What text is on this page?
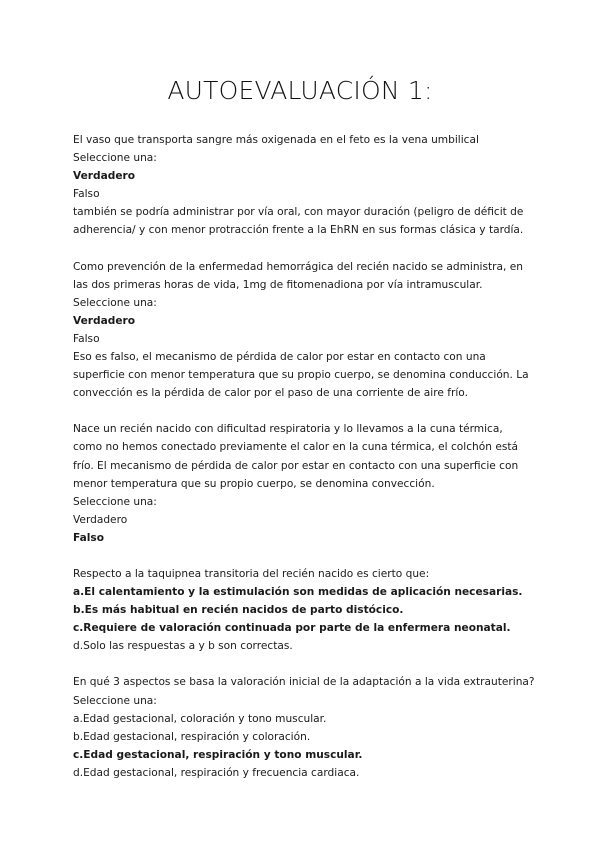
AUTOEVALUACIÓN 1:
El vaso que transporta sangre más oxigenada en el feto es la vena umbilical
Seleccione una:
Verdadero
Falso
también se podría administrar por vía oral, con mayor duración (peligro de déficit de adherencia/ y con menor protracción frente a la EhRN en sus formas clásica y tardía.
Como prevención de la enfermedad hemorrágica del recién nacido se administra, en las dos primeras horas de vida, 1mg de fitomenadiona por vía intramuscular.
Seleccione una:
Verdadero
Falso
Eso es falso, el mecanismo de pérdida de calor por estar en contacto con una superficie con menor temperatura que su propio cuerpo, se denomina conducción. La convección es la pérdida de calor por el paso de una corriente de aire frío.
Nace un recién nacido con dificultad respiratoria y lo llevamos a la cuna térmica, como no hemos conectado previamente el calor en la cuna térmica, el colchón está frío. El mecanismo de pérdida de calor por estar en contacto con una superficie con menor temperatura que su propio cuerpo, se denomina convección.
Seleccione una:
Verdadero
Falso
Respecto a la taquipnea transitoria del recién nacido es cierto que:
a.El calentamiento y la estimulación son medidas de aplicación necesarias.
b.Es más habitual en recién nacidos de parto distócico.
c.Requiere de valoración continuada por parte de la enfermera neonatal.
d.Solo las respuestas a y b son correctas.
En qué 3 aspectos se basa la valoración inicial de la adaptación a la vida extrauterina?
Seleccione una:
a.Edad gestacional, coloración y tono muscular.
b.Edad gestacional, respiración y coloración.
c.Edad gestacional, respiración y tono muscular.
d.Edad gestacional, respiración y frecuencia cardiaca.
